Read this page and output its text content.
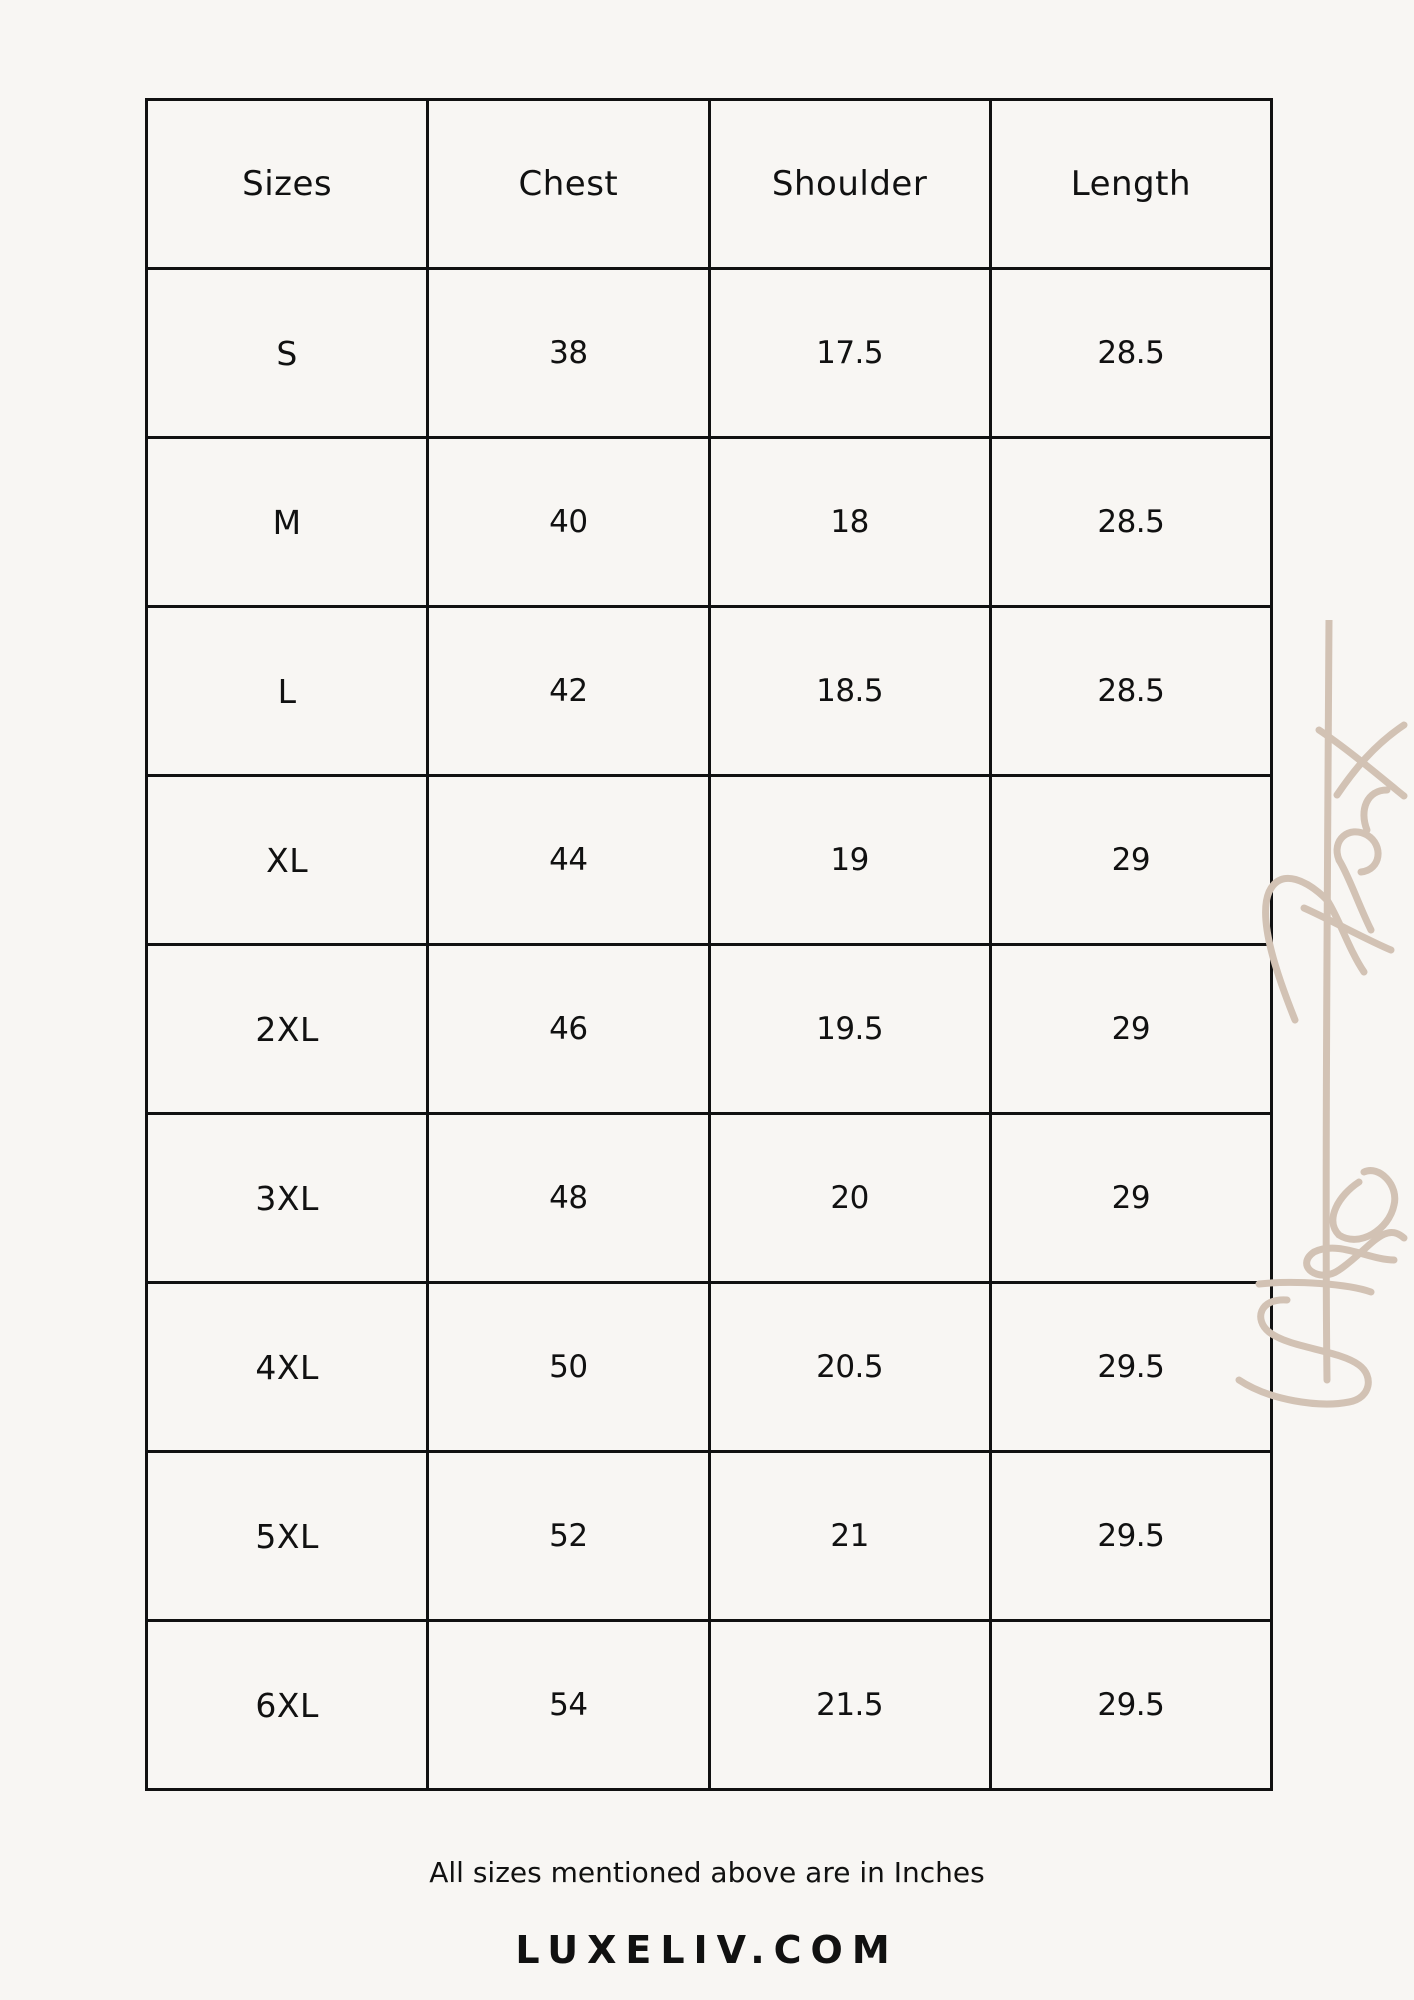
Sizes	Chest	Shoulder	Length
S	38	17.5	28.5
M	40	18	28.5
L	42	18.5	28.5
XL	44	19	29
2XL	46	19.5	29
3XL	48	20	29
4XL	50	20.5	29.5
5XL	52	21	29.5
6XL	54	21.5	29.5
All sizes mentioned above are in Inches
LUXELIV.COM
